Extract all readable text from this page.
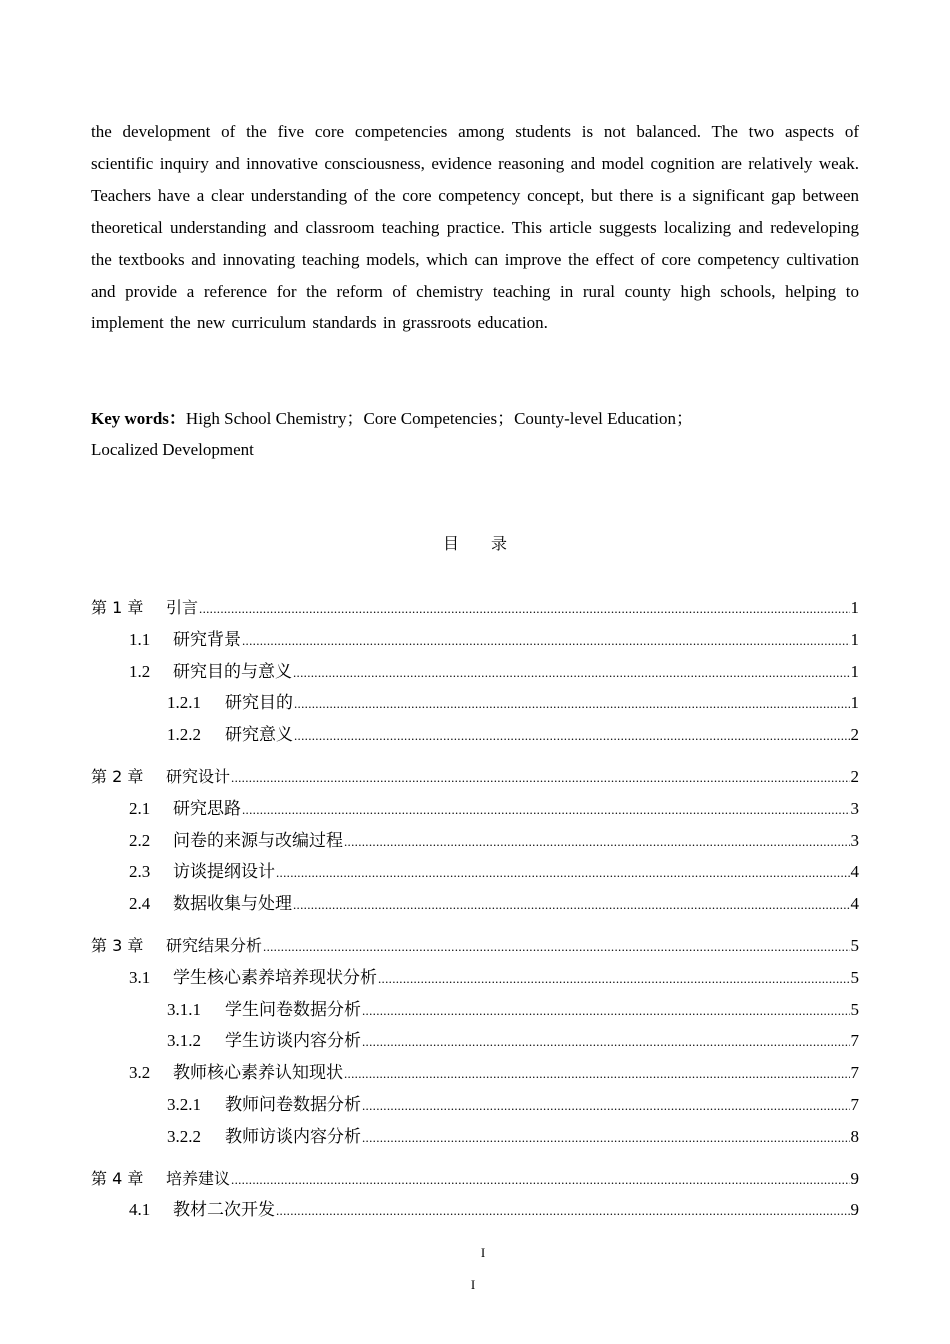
the development of the five core competencies among students is not balanced. The two aspects of scientific inquiry and innovative consciousness, evidence reasoning and model cognition are relatively weak. Teachers have a clear understanding of the core competency concept, but there is a significant gap between theoretical understanding and classroom teaching practice. This article suggests localizing and redeveloping the textbooks and innovating teaching models, which can improve the effect of core competency cultivation and provide a reference for the reform of chemistry teaching in rural county high schools, helping to implement the new curriculum standards in grassroots education.

Key words：High School Chemistry；Core Competencies；County-level Education；
Localized Development

目 录
第 1 章	引言 .....	1
1.1	研究背景 .....	1
1.2	研究目的与意义 .....	1
1.2.1	研究目的 .....	1
1.2.2	研究意义 .....	2
第 2 章	研究设计 .....	2
2.1	研究思路 .....	3
2.2	问卷的来源与改编过程 .....	3
2.3	访谈提纲设计 .....	4
2.4	数据收集与处理 .....	4
第 3 章	研究结果分析 .....	5
3.1	学生核心素养培养现状分析 .....	5
3.1.1	学生问卷数据分析 .....	5
3.1.2	学生访谈内容分析 .....	7
3.2	教师核心素养认知现状 .....	7
3.2.1	教师问卷数据分析 .....	7
3.2.2	教师访谈内容分析 .....	8
第 4 章	培养建议 .....	9
4.1	教材二次开发 .....	9
I
I
